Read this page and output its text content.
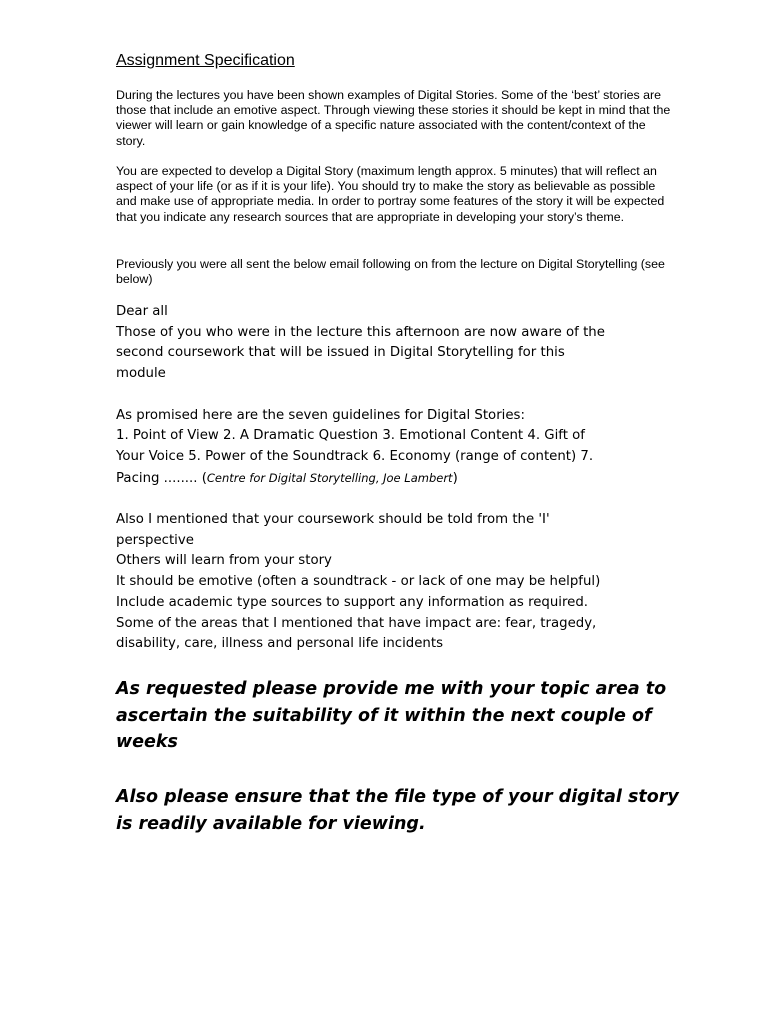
Assignment Specification

During the lectures you have been shown examples of Digital Stories. Some of the ‘best’ stories are those that include an emotive aspect. Through viewing these stories it should be kept in mind that the viewer will learn or gain knowledge of a specific nature associated with the content/context of the story.

You are expected to develop a Digital Story (maximum length approx. 5 minutes) that will reflect an aspect of your life (or as if it is your life). You should try to make the story as believable as possible and make use of appropriate media. In order to portray some features of the story it will be expected that you indicate any research sources that are appropriate in developing your story’s theme.

Previously you were all sent the below email following on from the lecture on Digital Storytelling (see below)

Dear all
Those of you who were in the lecture this afternoon are now aware of the
second coursework that will be issued in Digital Storytelling for this
module
As promised here are the seven guidelines for Digital Stories:
1. Point of View 2. A Dramatic Question 3. Emotional Content 4. Gift of
Your Voice 5. Power of the Soundtrack 6. Economy (range of content) 7.
Pacing ........ (Centre for Digital Storytelling, Joe Lambert)
Also I mentioned that your coursework should be told from the 'I'
perspective
Others will learn from your story
It should be emotive (often a soundtrack - or lack of one may be helpful)
Include academic type sources to support any information as required.
Some of the areas that I mentioned that have impact are: fear, tragedy,
disability, care, illness and personal life incidents
As requested please provide me with your topic area to
ascertain the suitability of it within the next couple of
weeks
Also please ensure that the file type of your digital story
is readily available for viewing.
